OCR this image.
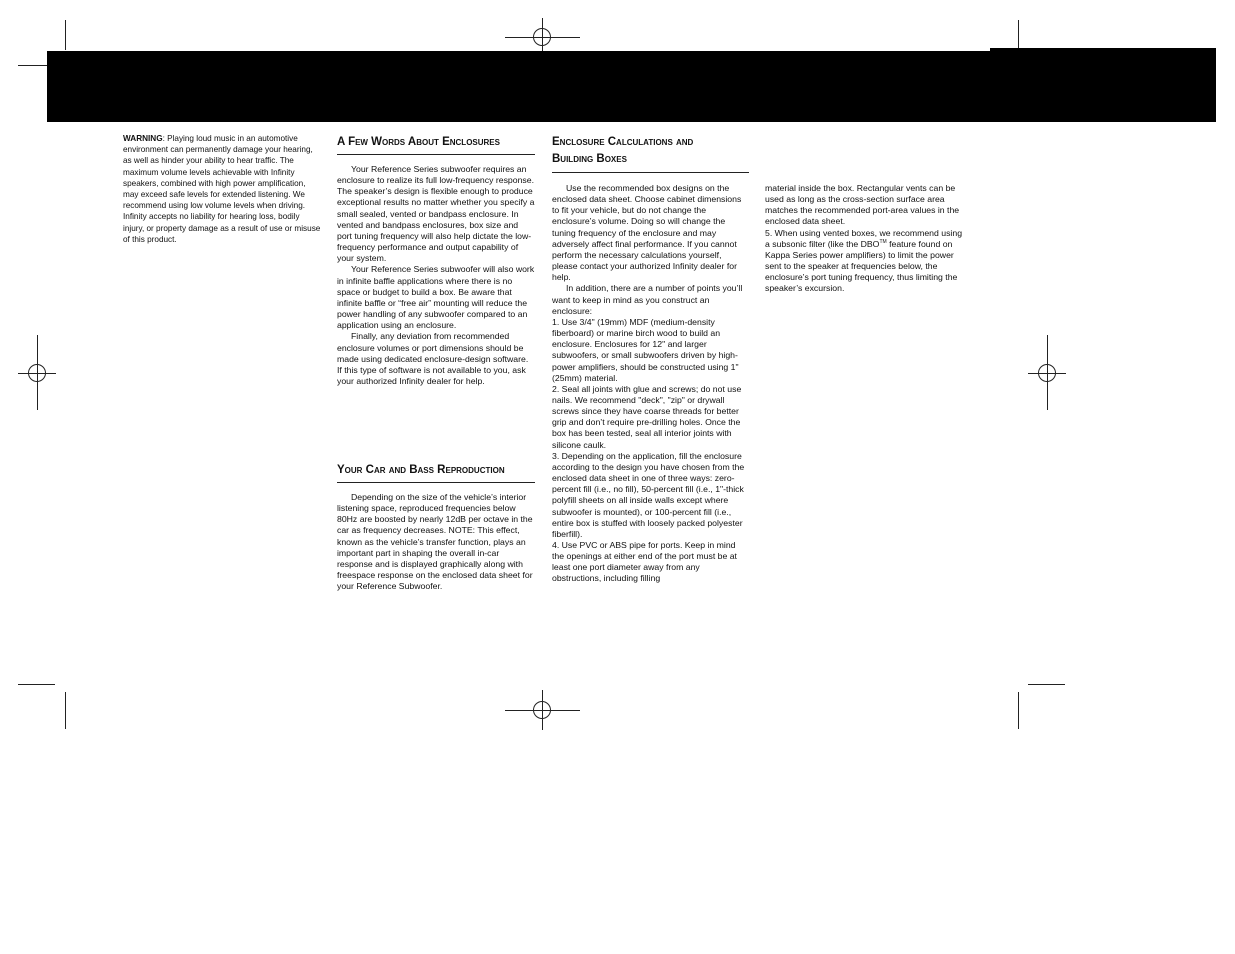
WARNING: Playing loud music in an automotive environment can permanently damage your hearing, as well as hinder your ability to hear traffic. The maximum volume levels achievable with Infinity speakers, combined with high power amplification, may exceed safe levels for extended listening. We recommend using low volume levels when driving. Infinity accepts no liability for hearing loss, bodily injury, or property damage as a result of use or misuse of this product.

A Few Words About Enclosures

Your Reference Series subwoofer requires an enclosure to realize its full low-frequency response. The speaker’s design is flexible enough to produce exceptional results no matter whether you specify a small sealed, vented or bandpass enclosure. In vented and bandpass enclosures, box size and port tuning frequency will also help dictate the low-frequency performance and output capability of your system.

Your Reference Series subwoofer will also work in infinite baffle applications where there is no space or budget to build a box. Be aware that infinite baffle or “free air” mounting will reduce the power handling of any subwoofer compared to an application using an enclosure.

Finally, any deviation from recommended enclosure volumes or port dimensions should be made using dedicated enclosure-design software. If this type of software is not available to you, ask your authorized Infinity dealer for help.

Your Car and Bass Reproduction

Depending on the size of the vehicle’s interior listening space, reproduced frequencies below 80Hz are boosted by nearly 12dB per octave in the car as frequency decreases. NOTE: This effect, known as the vehicle’s transfer function, plays an important part in shaping the overall in-car response and is displayed graphically along with freespace response on the enclosed data sheet for your Reference Subwoofer.

Enclosure Calculations and
Building Boxes

Use the recommended box designs on the enclosed data sheet. Choose cabinet dimensions to fit your vehicle, but do not change the enclosure’s volume. Doing so will change the tuning frequency of the enclosure and may adversely affect final performance. If you cannot perform the necessary calculations yourself, please contact your authorized Infinity dealer for help.

In addition, there are a number of points you’ll want to keep in mind as you construct an enclosure:

1. Use 3/4" (19mm) MDF (medium-density fiberboard) or marine birch wood to build an enclosure. Enclosures for 12" and larger subwoofers, or small subwoofers driven by high-power amplifiers, should be constructed using 1" (25mm) material.

2. Seal all joints with glue and screws; do not use nails. We recommend "deck", "zip" or drywall screws since they have coarse threads for better grip and don’t require pre-drilling holes. Once the box has been tested, seal all interior joints with silicone caulk.

3. Depending on the application, fill the enclosure according to the design you have chosen from the enclosed data sheet in one of three ways: zero-percent fill (i.e., no fill), 50-percent fill (i.e., 1"-thick polyfill sheets on all inside walls except where subwoofer is mounted), or 100-percent fill (i.e., entire box is stuffed with loosely packed polyester fiberfill).

4. Use PVC or ABS pipe for ports. Keep in mind the openings at either end of the port must be at least one port diameter away from any obstructions, including filling

material inside the box. Rectangular vents can be used as long as the cross-section surface area matches the recommended port-area values in the enclosed data sheet.

5. When using vented boxes, we recommend using a subsonic filter (like the DBO™ feature found on Kappa Series power amplifiers) to limit the power sent to the speaker at frequencies below, the enclosure’s port tuning frequency, thus limiting the speaker’s excursion.
